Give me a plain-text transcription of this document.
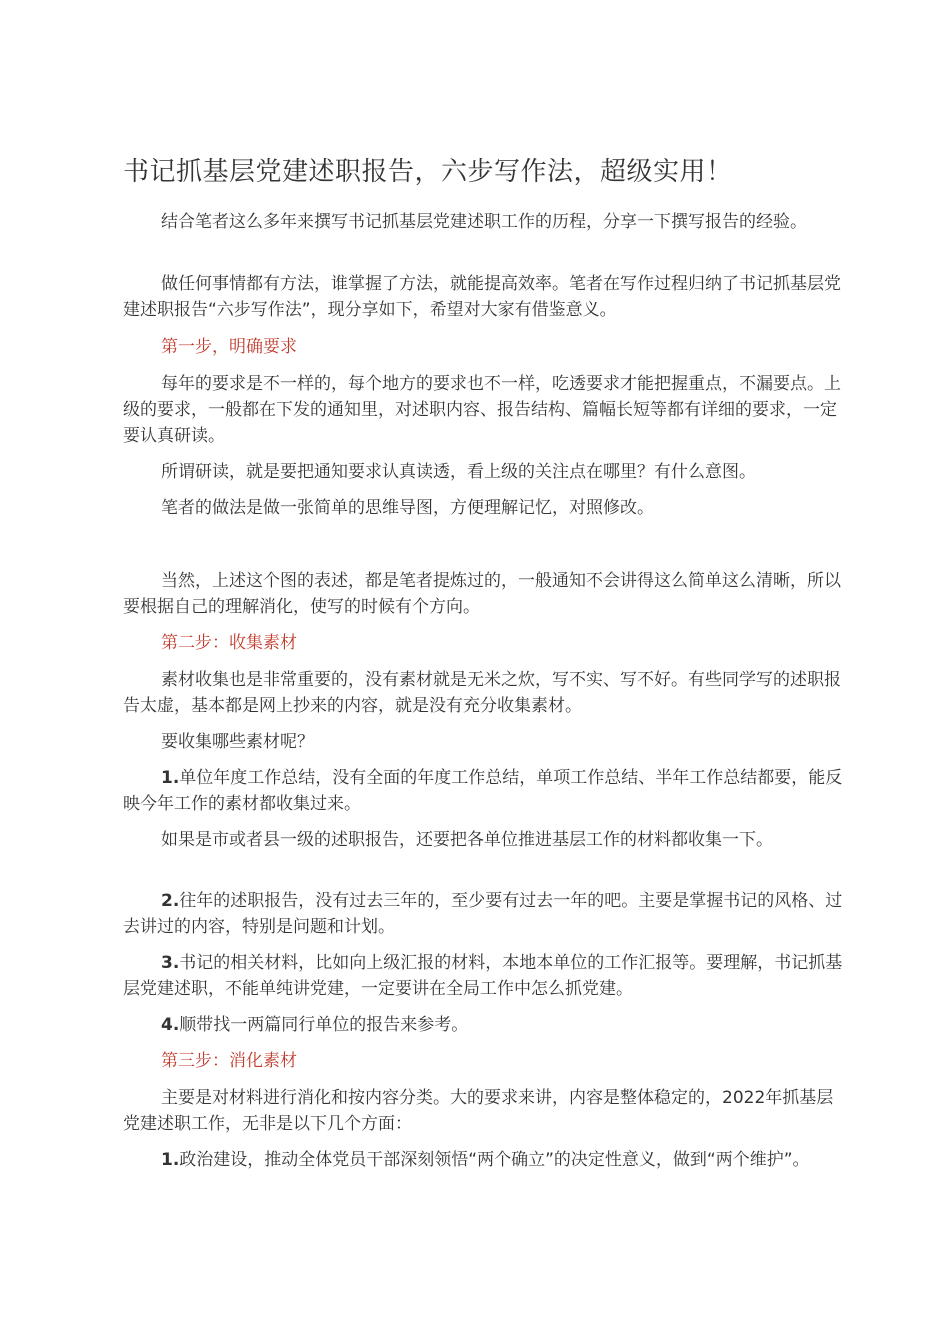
书记抓基层党建述职报告，六步写作法，超级实用！

结合笔者这么多年来撰写书记抓基层党建述职工作的历程，分享一下撰写报告的经验。

做任何事情都有方法，谁掌握了方法，就能提高效率。笔者在写作过程归纳了书记抓基层党建述职报告“六步写作法”，现分享如下，希望对大家有借鉴意义。

第一步，明确要求

每年的要求是不一样的，每个地方的要求也不一样，吃透要求才能把握重点，不漏要点。上级的要求，一般都在下发的通知里，对述职内容、报告结构、篇幅长短等都有详细的要求，一定要认真研读。

所谓研读，就是要把通知要求认真读透，看上级的关注点在哪里？有什么意图。

笔者的做法是做一张简单的思维导图，方便理解记忆，对照修改。

当然，上述这个图的表述，都是笔者提炼过的，一般通知不会讲得这么简单这么清晰，所以要根据自己的理解消化，使写的时候有个方向。

第二步：收集素材

素材收集也是非常重要的，没有素材就是无米之炊，写不实、写不好。有些同学写的述职报告太虚，基本都是网上抄来的内容，就是没有充分收集素材。

要收集哪些素材呢？

1.单位年度工作总结，没有全面的年度工作总结，单项工作总结、半年工作总结都要，能反映今年工作的素材都收集过来。

如果是市或者县一级的述职报告，还要把各单位推进基层工作的材料都收集一下。

2.往年的述职报告，没有过去三年的，至少要有过去一年的吧。主要是掌握书记的风格、过去讲过的内容，特别是问题和计划。

3.书记的相关材料，比如向上级汇报的材料，本地本单位的工作汇报等。要理解，书记抓基层党建述职，不能单纯讲党建，一定要讲在全局工作中怎么抓党建。

4.顺带找一两篇同行单位的报告来参考。

第三步：消化素材

主要是对材料进行消化和按内容分类。大的要求来讲，内容是整体稳定的，2022年抓基层党建述职工作，无非是以下几个方面：

1.政治建设，推动全体党员干部深刻领悟“两个确立”的决定性意义，做到“两个维护”。
